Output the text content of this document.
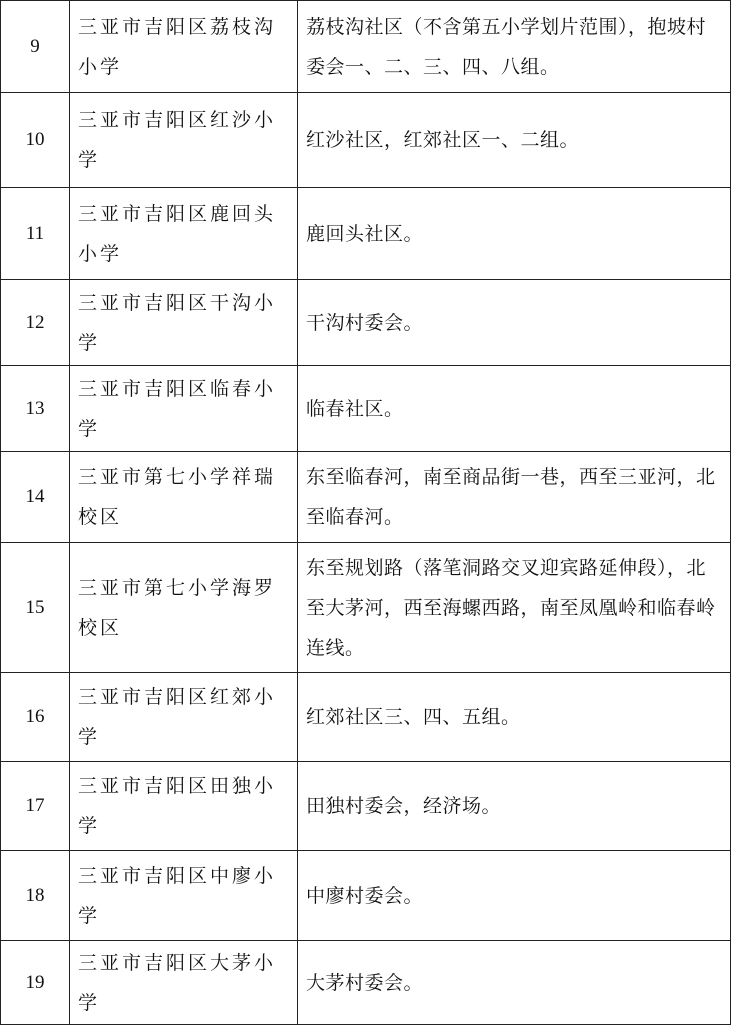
9	三亚市吉阳区荔枝沟小学	荔枝沟社区（不含第五小学划片范围），抱坡村委会一、二、三、四、八组。
10	三亚市吉阳区红沙小学	红沙社区，红郊社区一、二组。
11	三亚市吉阳区鹿回头小学	鹿回头社区。
12	三亚市吉阳区干沟小学	干沟村委会。
13	三亚市吉阳区临春小学	临春社区。
14	三亚市第七小学祥瑞校区	东至临春河，南至商品街一巷，西至三亚河，北至临春河。
15	三亚市第七小学海罗校区	东至规划路（落笔洞路交叉迎宾路延伸段），北至大茅河，西至海螺西路，南至凤凰岭和临春岭连线。
16	三亚市吉阳区红郊小学	红郊社区三、四、五组。
17	三亚市吉阳区田独小学	田独村委会，经济场。
18	三亚市吉阳区中廖小学	中廖村委会。
19	三亚市吉阳区大茅小学	大茅村委会。
